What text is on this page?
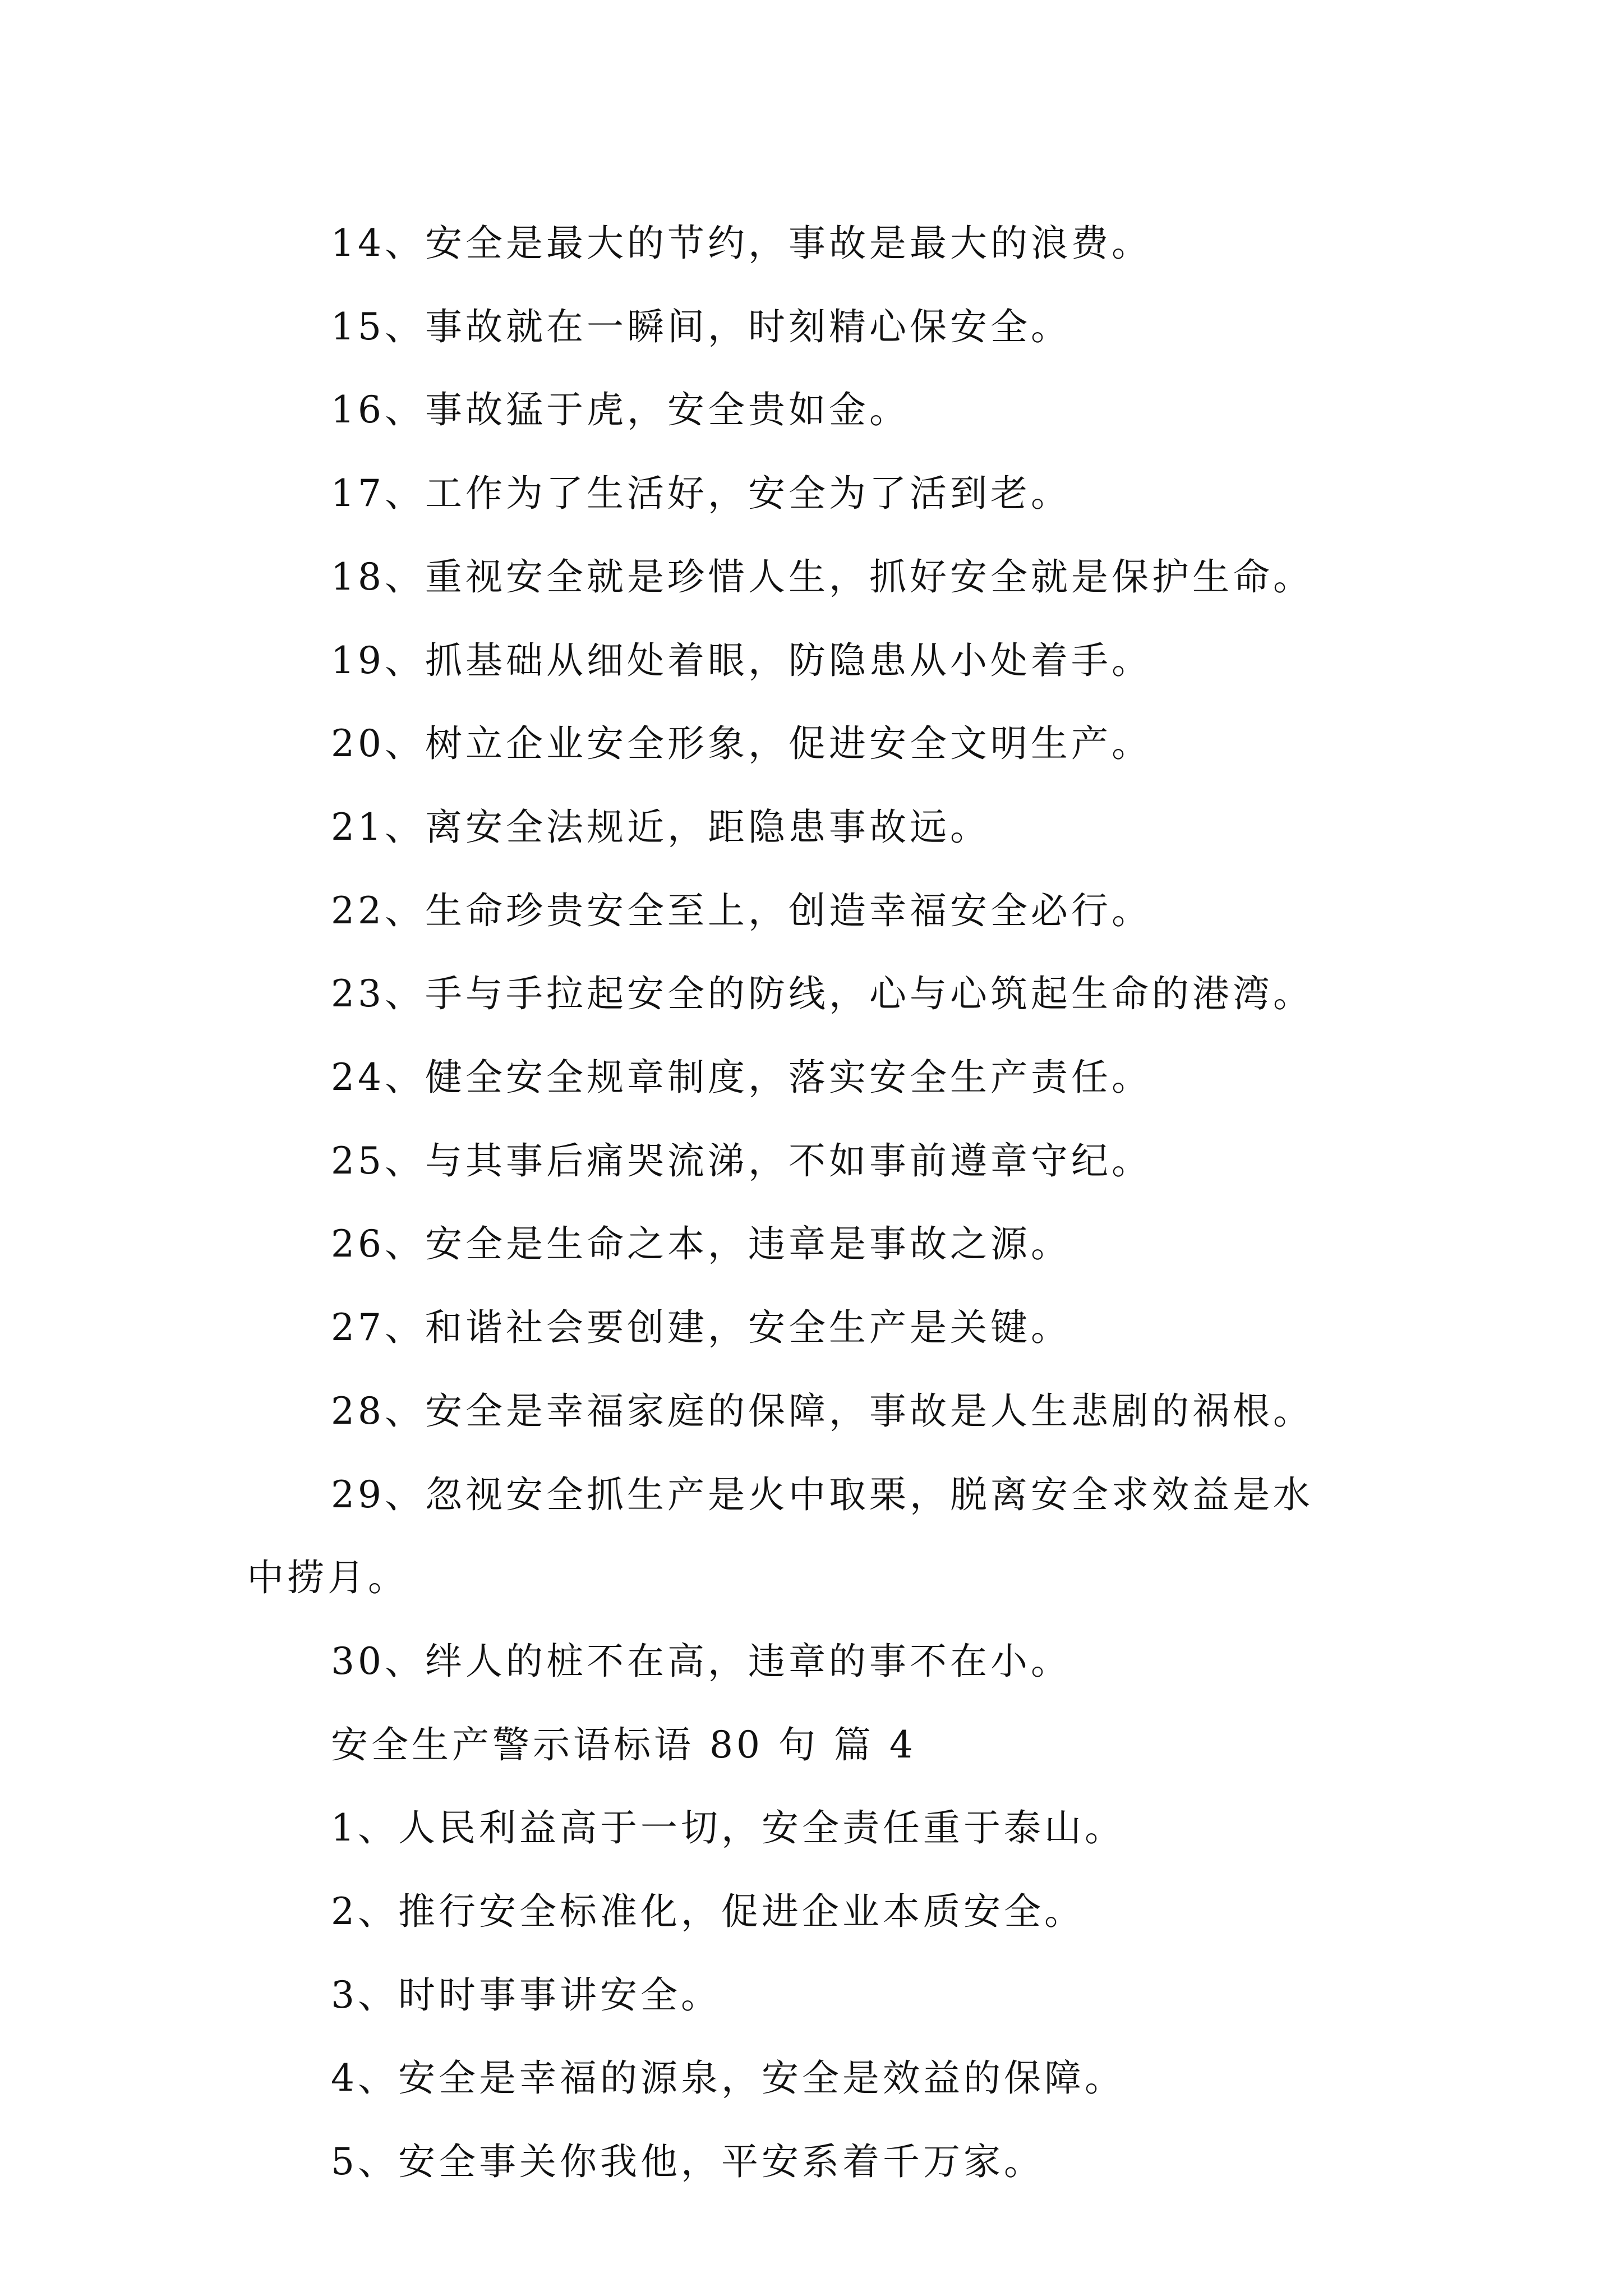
14、安全是最大的节约，事故是最大的浪费。
15、事故就在一瞬间，时刻精心保安全。
16、事故猛于虎，安全贵如金。
17、工作为了生活好，安全为了活到老。
18、重视安全就是珍惜人生，抓好安全就是保护生命。
19、抓基础从细处着眼，防隐患从小处着手。
20、树立企业安全形象，促进安全文明生产。
21、离安全法规近，距隐患事故远。
22、生命珍贵安全至上，创造幸福安全必行。
23、手与手拉起安全的防线，心与心筑起生命的港湾。
24、健全安全规章制度，落实安全生产责任。
25、与其事后痛哭流涕，不如事前遵章守纪。
26、安全是生命之本，违章是事故之源。
27、和谐社会要创建，安全生产是关键。
28、安全是幸福家庭的保障，事故是人生悲剧的祸根。
29、忽视安全抓生产是火中取栗，脱离安全求效益是水
中捞月。
30、绊人的桩不在高，违章的事不在小。
安全生产警示语标语 80 句 篇 4
1、人民利益高于一切，安全责任重于泰山。
2、推行安全标准化，促进企业本质安全。
3、时时事事讲安全。
4、安全是幸福的源泉，安全是效益的保障。
5、安全事关你我他，平安系着千万家。
